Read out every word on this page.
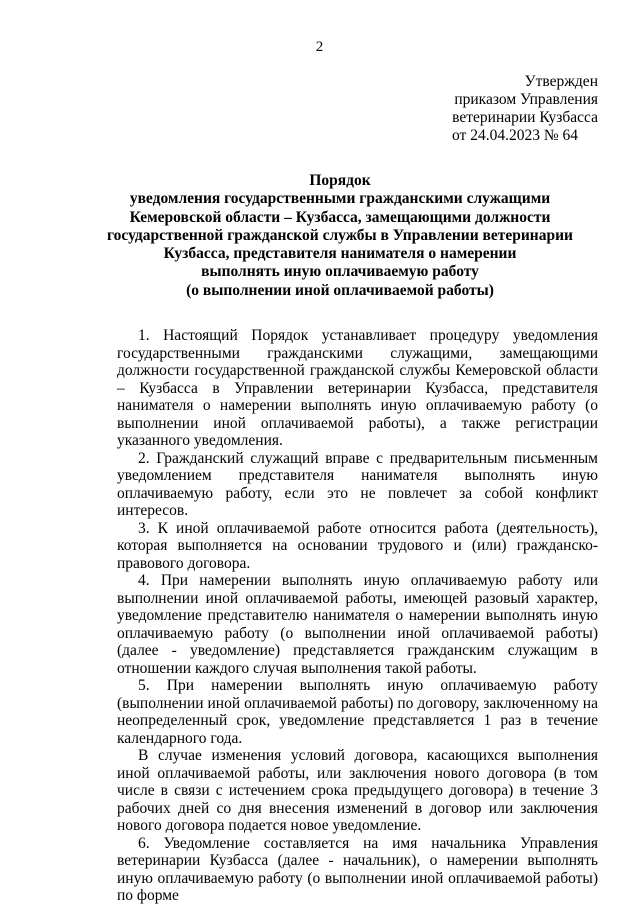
2
Утвержден
приказом Управления
ветеринарии Кузбасса
от 24.04.2023 № 64
Порядок
уведомления государственными гражданскими служащими
Кемеровской области – Кузбасса, замещающими должности
государственной гражданской службы в Управлении ветеринарии
Кузбасса, представителя нанимателя о намерении
выполнять иную оплачиваемую работу
(о выполнении иной оплачиваемой работы)

1. Настоящий Порядок устанавливает процедуру уведомления государственными гражданскими служащими, замещающими должности государственной гражданской службы Кемеровской области – Кузбасса в Управлении ветеринарии Кузбасса, представителя нанимателя о намерении выполнять иную оплачиваемую работу (о выполнении иной оплачиваемой работы), а также регистрации указанного уведомления.

2. Гражданский служащий вправе с предварительным письменным уведомлением представителя нанимателя выполнять иную оплачиваемую работу, если это не повлечет за собой конфликт интересов.

3. К иной оплачиваемой работе относится работа (деятельность), которая выполняется на основании трудового и (или) гражданско-правового договора.

4. При намерении выполнять иную оплачиваемую работу или выполнении иной оплачиваемой работы, имеющей разовый характер, уведомление представителю нанимателя о намерении выполнять иную оплачиваемую работу (о выполнении иной оплачиваемой работы) (далее - уведомление) представляется гражданским служащим в отношении каждого случая выполнения такой работы.

5. При намерении выполнять иную оплачиваемую работу (выполнении иной оплачиваемой работы) по договору, заключенному на неопределенный срок, уведомление представляется 1 раз в течение календарного года.

В случае изменения условий договора, касающихся выполнения иной оплачиваемой работы, или заключения нового договора (в том числе в связи с истечением срока предыдущего договора) в течение 3 рабочих дней со дня внесения изменений в договор или заключения нового договора подается новое уведомление.

6. Уведомление составляется на имя начальника Управления ветеринарии Кузбасса (далее - начальник), о намерении выполнять иную оплачиваемую работу (о выполнении иной оплачиваемой работы) по форме
